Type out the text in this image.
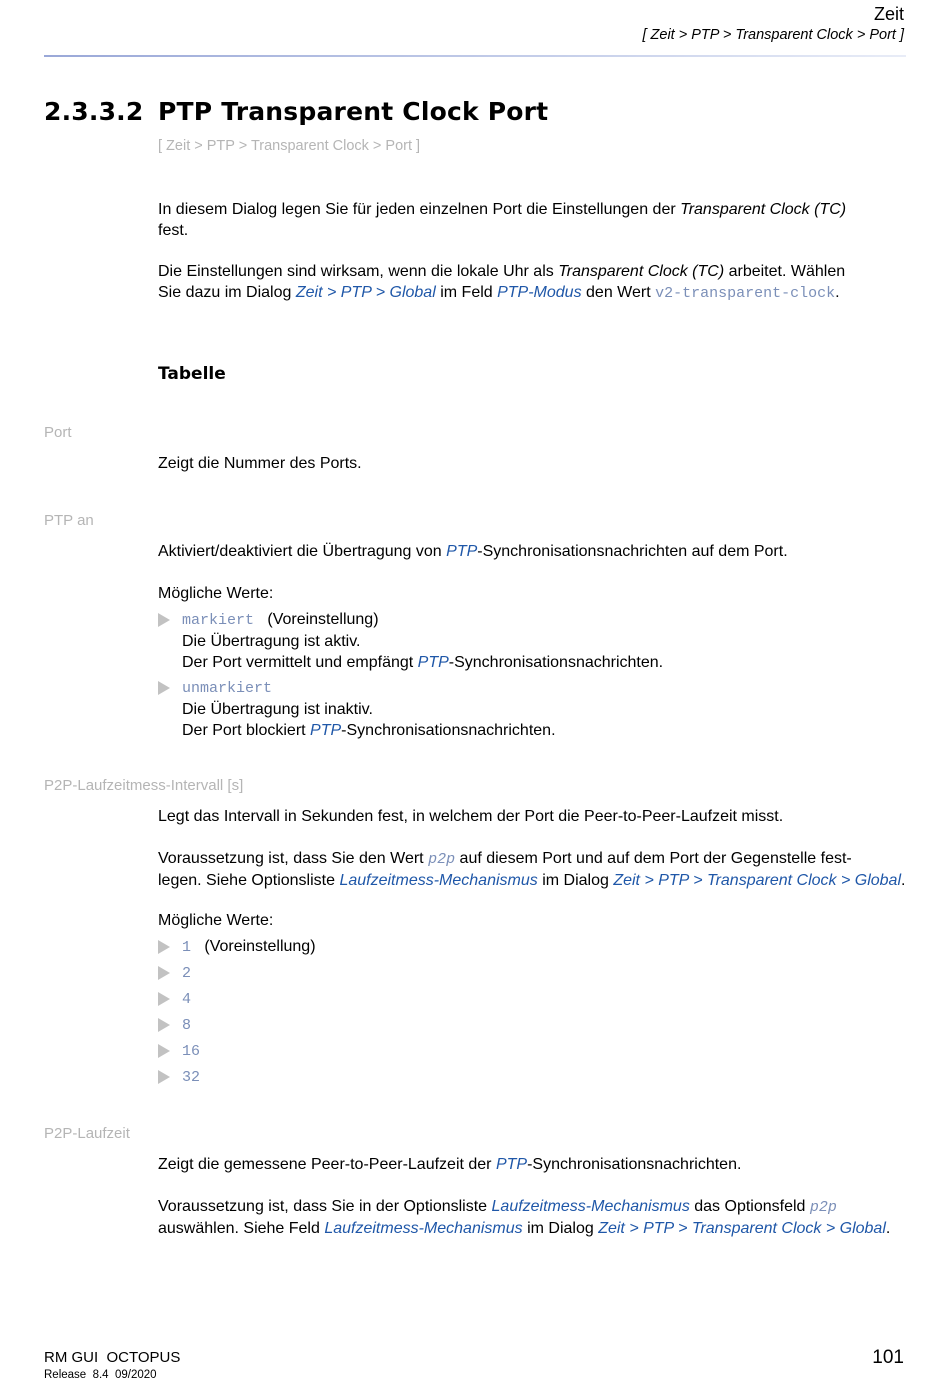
Zeit
[ Zeit > PTP > Transparent Clock > Port ]
2.3.3.2 PTP Transparent Clock Port
[ Zeit > PTP > Transparent Clock > Port ]
In diesem Dialog legen Sie für jeden einzelnen Port die Einstellungen der Transparent Clock (TC)
fest.
Die Einstellungen sind wirksam, wenn die lokale Uhr als Transparent Clock (TC) arbeitet. Wählen
Sie dazu im Dialog Zeit > PTP > Global im Feld PTP-Modus den Wert v2-transparent-clock.
Tabelle
Port
Zeigt die Nummer des Ports.
PTP an
Aktiviert/deaktiviert die Übertragung von PTP-Synchronisationsnachrichten auf dem Port.
Mögliche Werte:
markiert (Voreinstellung)
Die Übertragung ist aktiv.
Der Port vermittelt und empfängt PTP-Synchronisationsnachrichten.
unmarkiert
Die Übertragung ist inaktiv.
Der Port blockiert PTP-Synchronisationsnachrichten.
P2P-Laufzeitmess-Intervall [s]
Legt das Intervall in Sekunden fest, in welchem der Port die Peer-to-Peer-Laufzeit misst.
Voraussetzung ist, dass Sie den Wert p2p auf diesem Port und auf dem Port der Gegenstelle fest-
legen. Siehe Optionsliste Laufzeitmess-Mechanismus im Dialog Zeit > PTP > Transparent Clock > Global.
Mögliche Werte:
1 (Voreinstellung)
2
4
8
16
32
P2P-Laufzeit
Zeigt die gemessene Peer-to-Peer-Laufzeit der PTP-Synchronisationsnachrichten.
Voraussetzung ist, dass Sie in der Optionsliste Laufzeitmess-Mechanismus das Optionsfeld p2p
auswählen. Siehe Feld Laufzeitmess-Mechanismus im Dialog Zeit > PTP > Transparent Clock > Global.
RM GUI  OCTOPUS
Release  8.4  09/2020
101
